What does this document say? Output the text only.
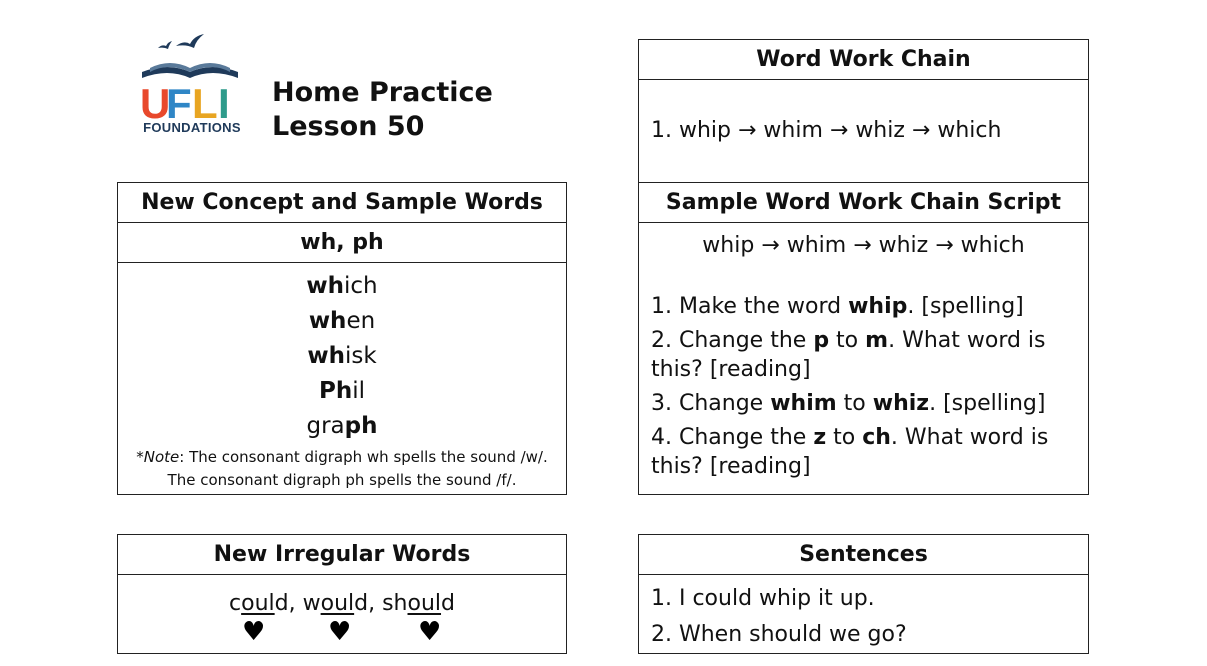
U
F L I
FOUNDATIONS
Home Practice
Lesson 50
New Concept and Sample Words
wh, ph
which
when
whisk
Phil
graph
*Note: The consonant digraph wh spells the sound /w/.
The consonant digraph ph spells the sound /f/.
Word Work Chain
1. whip → whim → whiz → which
Sample Word Work Chain Script
whip → whim → whiz → which

1. Make the word whip. [spelling]

2. Change the p to m. What word is this? [reading]

3. Change whim to whiz. [spelling]

4. Change the z to ch. What word is this? [reading]

New Irregular Words
could, would, should
♥ ♥	♥
Sentences
1. I could whip it up.
2. When should we go?
